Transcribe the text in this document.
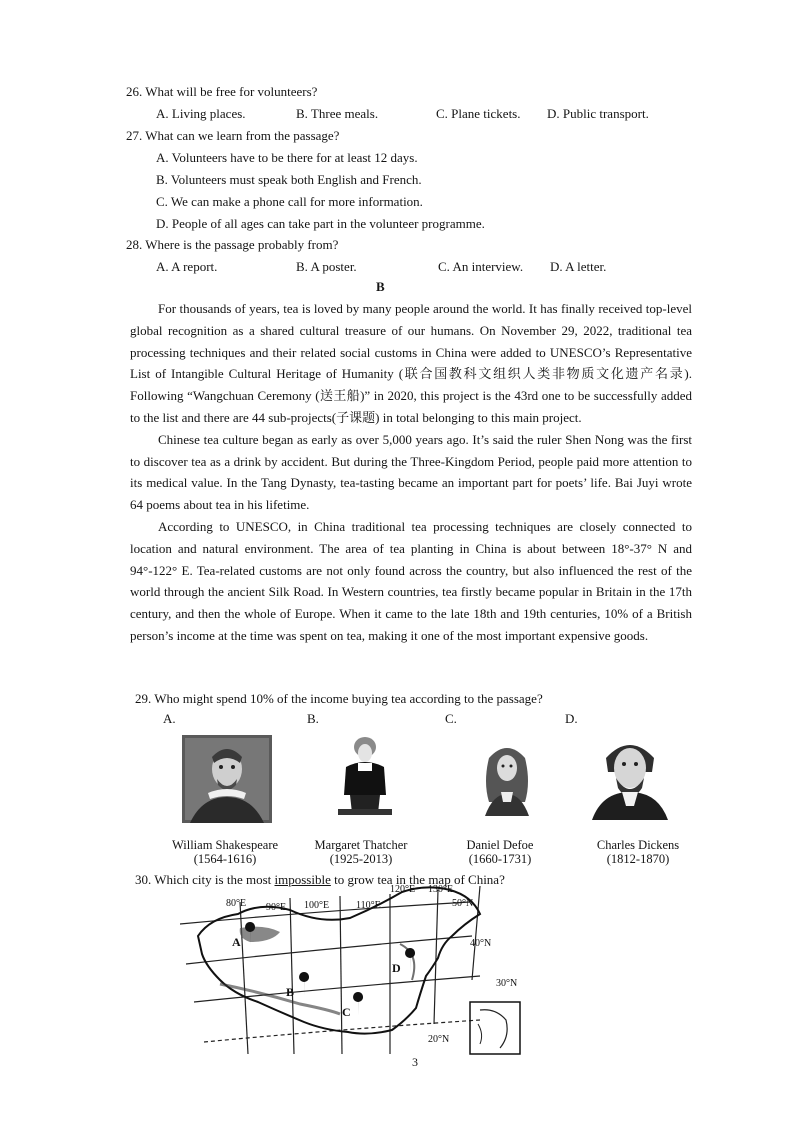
26. What will be free for volunteers?
A. Living places.	B. Three meals.	C. Plane tickets. D. Public transport.
27. What can we learn from the passage?
A. Volunteers have to be there for at least 12 days.
B. Volunteers must speak both English and French.
C. We can make a phone call for more information.
D. People of all ages can take part in the volunteer programme.
28. Where is the passage probably from?
A. A report.	B. A poster.	C. An interview. D. A letter.
B

For thousands of years, tea is loved by many people around the world. It has finally received top-level global recognition as a shared cultural treasure of our humans. On November 29, 2022, traditional tea processing techniques and their related social customs in China were added to UNESCO’s Representative List of Intangible Cultural Heritage of Humanity (联合国教科文组织人类非物质文化遗产名录). Following “Wangchuan Ceremony (送王船)” in 2020, this project is the 43rd one to be successfully added to the list and there are 44 sub-projects(子课题) in total belonging to this main project.

Chinese tea culture began as early as over 5,000 years ago. It’s said the ruler Shen Nong was the first to discover tea as a drink by accident. But during the Three-Kingdom Period, people paid more attention to its medical value. In the Tang Dynasty, tea-tasting became an important part for poets’ life. Bai Juyi wrote 64 poems about tea in his lifetime.

According to UNESCO, in China traditional tea processing techniques are closely connected to location and natural environment. The area of tea planting in China is about between 18°-37° N and 94°-122° E. Tea-related customs are not only found across the country, but also influenced the rest of the world through the ancient Silk Road. In Western countries, tea firstly became popular in Britain in the 17th century, and then the whole of Europe. When it came to the late 18th and 19th centuries, 10% of a British person’s income at the time was spent on tea, making it one of the most important expensive goods.

29. Who might spend 10% of the income buying tea according to the passage?
A.	B.	C.	D.
William Shakespeare
(1564-1616)
Margaret Thatcher
(1925-2013)
Daniel Defoe
(1660-1731)
Charles Dickens
(1812-1870)
30. Which city is the most impossible to grow tea in the map of China?
80°E 90°E 100°E	110°E
120°E 130°E
50°N
40°N
30°N
20°N
A
B
C
D
3
